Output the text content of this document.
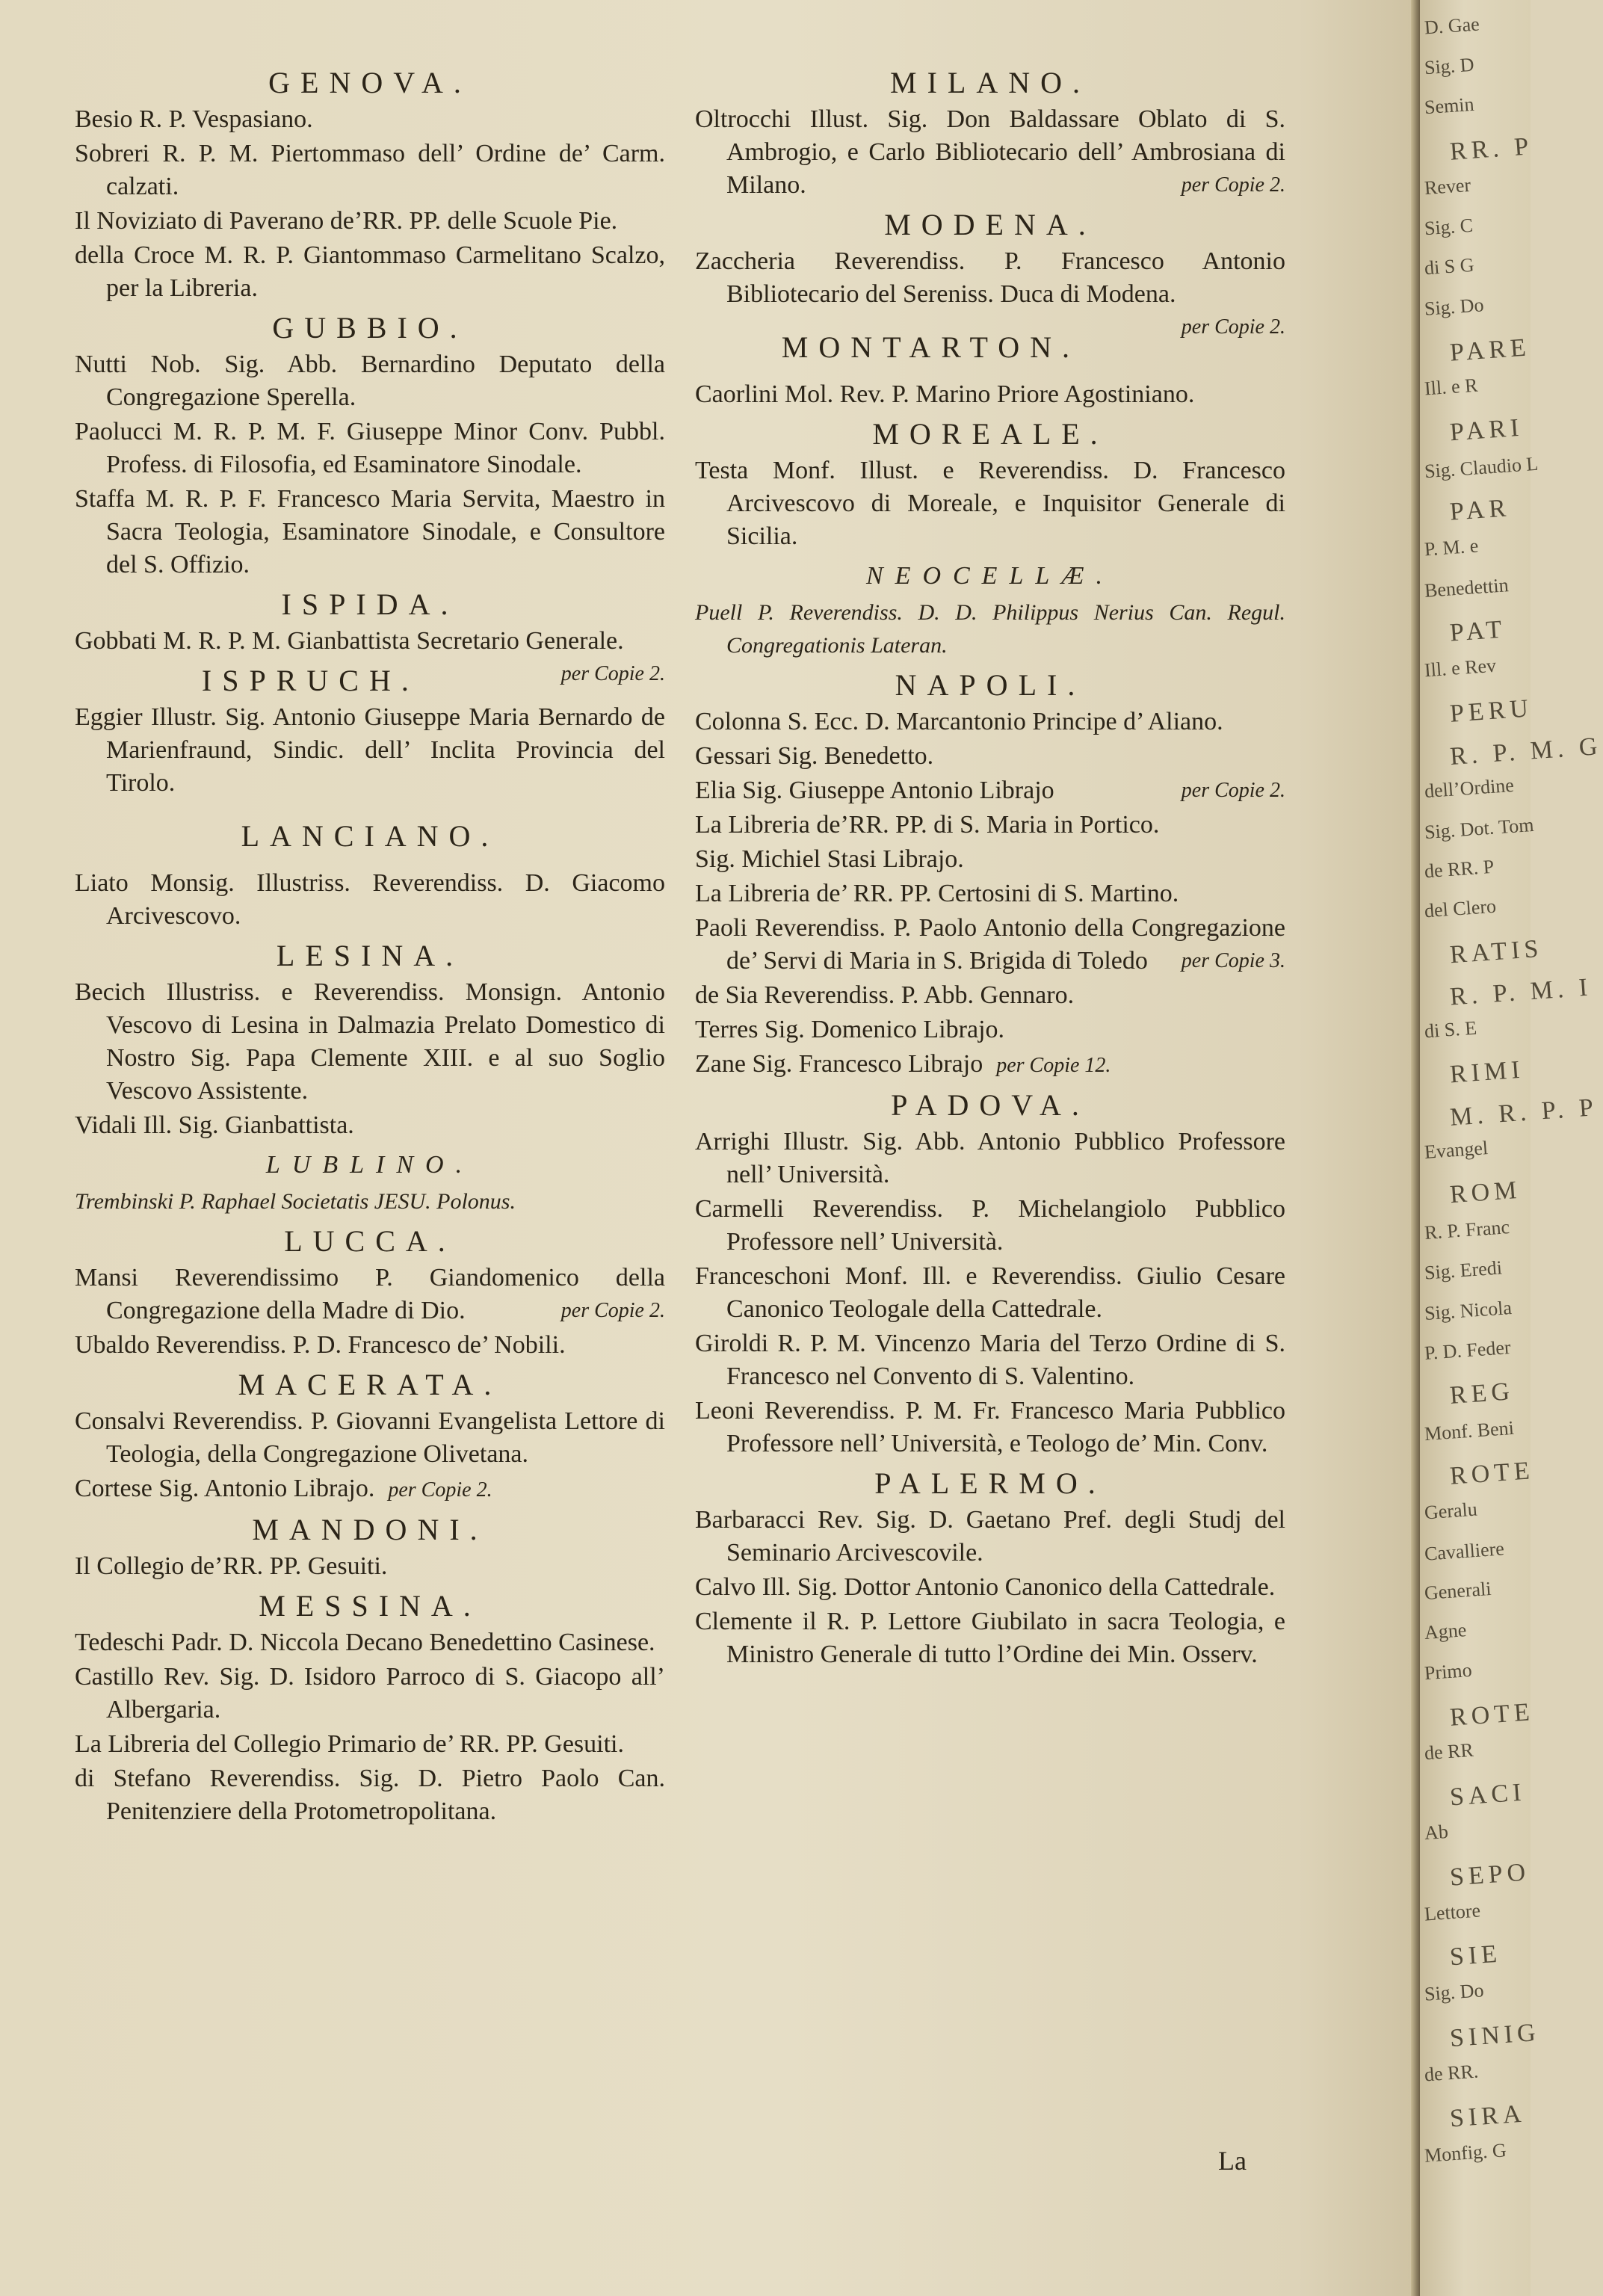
GENOVA.
Besio R. P. Vespasiano.
Sobreri R. P. M. Piertommaso dell’ Ordine de’ Carm. calzati.
Il Noviziato di Paverano de’RR. PP. delle Scuole Pie.
della Croce M. R. P. Giantommaso Carmelitano Scalzo, per la Libreria.
GUBBIO.
Nutti Nob. Sig. Abb. Bernardino Deputato della Congregazione Sperella.
Paolucci M. R. P. M. F. Giuseppe Minor Conv. Pubbl. Profess. di Filosofia, ed Esaminatore Sinodale.
Staffa M. R. P. F. Francesco Maria Servita, Maestro in Sacra Teologia, Esaminatore Sinodale, e Consultore del S. Offizio.
ISPIDA.
Gobbati M. R. P. M. Gianbattista Secretario Generale.
per Copie 2.
ISPRUCH.
Eggier Illustr. Sig. Antonio Giuseppe Maria Bernardo de Marienfraund, Sindic. dell’ Inclita Provincia del Tirolo.
LANCIANO.
Liato Monsig. Illustriss. Reverendiss. D. Giacomo Arcivescovo.
LESINA.
Becich Illustriss. e Reverendiss. Monsign. Antonio Vescovo di Lesina in Dalmazia Prelato Domestico di Nostro Sig. Papa Clemente XIII. e al suo Soglio Vescovo Assistente.
Vidali Ill. Sig. Gianbattista.
LUBLINO.
Trembinski P. Raphael Societatis JESU. Polonus.
LUCCA.
Mansi Reverendissimo P. Giandomenico della Congregazione della Madre di Dio.	per Copie 2.
Ubaldo Reverendiss. P. D. Francesco de’ Nobili.
MACERATA.
Consalvi Reverendiss. P. Giovanni Evangelista Lettore di Teologia, della Congregazione Olivetana.
Cortese Sig. Antonio Librajo. per Copie 2.
MANDONI.
Il Collegio de’RR. PP. Gesuiti.
MESSINA.
Tedeschi Padr. D. Niccola Decano Benedettino Casinese.
Castillo Rev. Sig. D. Isidoro Parroco di S. Giacopo all’ Albergaria.
La Libreria del Collegio Primario de’ RR. PP. Gesuiti.
di Stefano Reverendiss. Sig. D. Pietro Paolo Can. Penitenziere della Protometropolitana.
MILANO.
Oltrocchi Illust. Sig. Don Baldassare Oblato di S. Ambrogio, e Carlo Bibliotecario dell’ Ambrosiana di Milano.	per Copie 2.
MODENA.
Zaccheria Reverendiss. P. Francesco Antonio Bibliotecario del Sereniss. Duca di Modena.
per Copie 2.
MONTARTON.
Caorlini Mol. Rev. P. Marino Priore Agostiniano.
MOREALE.
Testa Monf. Illust. e Reverendiss. D. Francesco Arcivescovo di Moreale, e Inquisitor Generale di Sicilia.
NEOCELLÆ.
Puell P. Reverendiss. D. D. Philippus Nerius Can. Regul. Congregationis Lateran.
NAPOLI.
Colonna S. Ecc. D. Marcantonio Principe d’ Aliano.
Gessari Sig. Benedetto.
Elia Sig. Giuseppe Antonio Librajo	per Copie 2.
La Libreria de’RR. PP. di S. Maria in Portico.
Sig. Michiel Stasi Librajo.
La Libreria de’ RR. PP. Certosini di S. Martino.
Paoli Reverendiss. P. Paolo Antonio della Congregazione de’ Servi di Maria in S. Brigida di Toledo per Copie 3.
de Sia Reverendiss. P. Abb. Gennaro.
Terres Sig. Domenico Librajo.
Zane Sig. Francesco Librajo per Copie 12.
PADOVA.
Arrighi Illustr. Sig. Abb. Antonio Pubblico Professore nell’ Università.
Carmelli Reverendiss. P. Michelangiolo Pubblico Professore nell’ Università.
Franceschoni Monf. Ill. e Reverendiss. Giulio Cesare Canonico Teologale della Cattedrale.
Giroldi R. P. M. Vincenzo Maria del Terzo Ordine di S. Francesco nel Convento di S. Valentino.
Leoni Reverendiss. P. M. Fr. Francesco Maria Pubblico Professore nell’ Università, e Teologo de’ Min. Conv.
PALERMO.
Barbaracci Rev. Sig. D. Gaetano Pref. degli Studj del Seminario Arcivescovile.
Calvo Ill. Sig. Dottor Antonio Canonico della Cattedrale.
Clemente il R. P. Lettore Giubilato in sacra Teologia, e Ministro Generale di tutto l’Ordine dei Min. Osserv.
La
D. Gae
Sig. D
Semin
RR. P
Rever
Sig. C
di S G
Sig. Do
PARE
Ill. e R
PARI
Sig. Claudio L
PAR
P. M. e
Benedettin
PAT
Ill. e Rev
PERU
R. P. M. G
dell’Ordine
Sig. Dot. Tom
de RR. P
del Clero
RATIS
R. P. M. I
di S. E
RIMI
M. R. P. P
Evangel
ROM
R. P. Franc
Sig. Eredi
Sig. Nicola
P. D. Feder
REG
Monf. Beni
ROTE
Geralu
Cavalliere
Generali
Agne
Primo
ROTE
de RR
SACI
Ab
SEPO
Lettore
SIE
Sig. Do
SINIG
de RR.
SIRA
Monfig. G
